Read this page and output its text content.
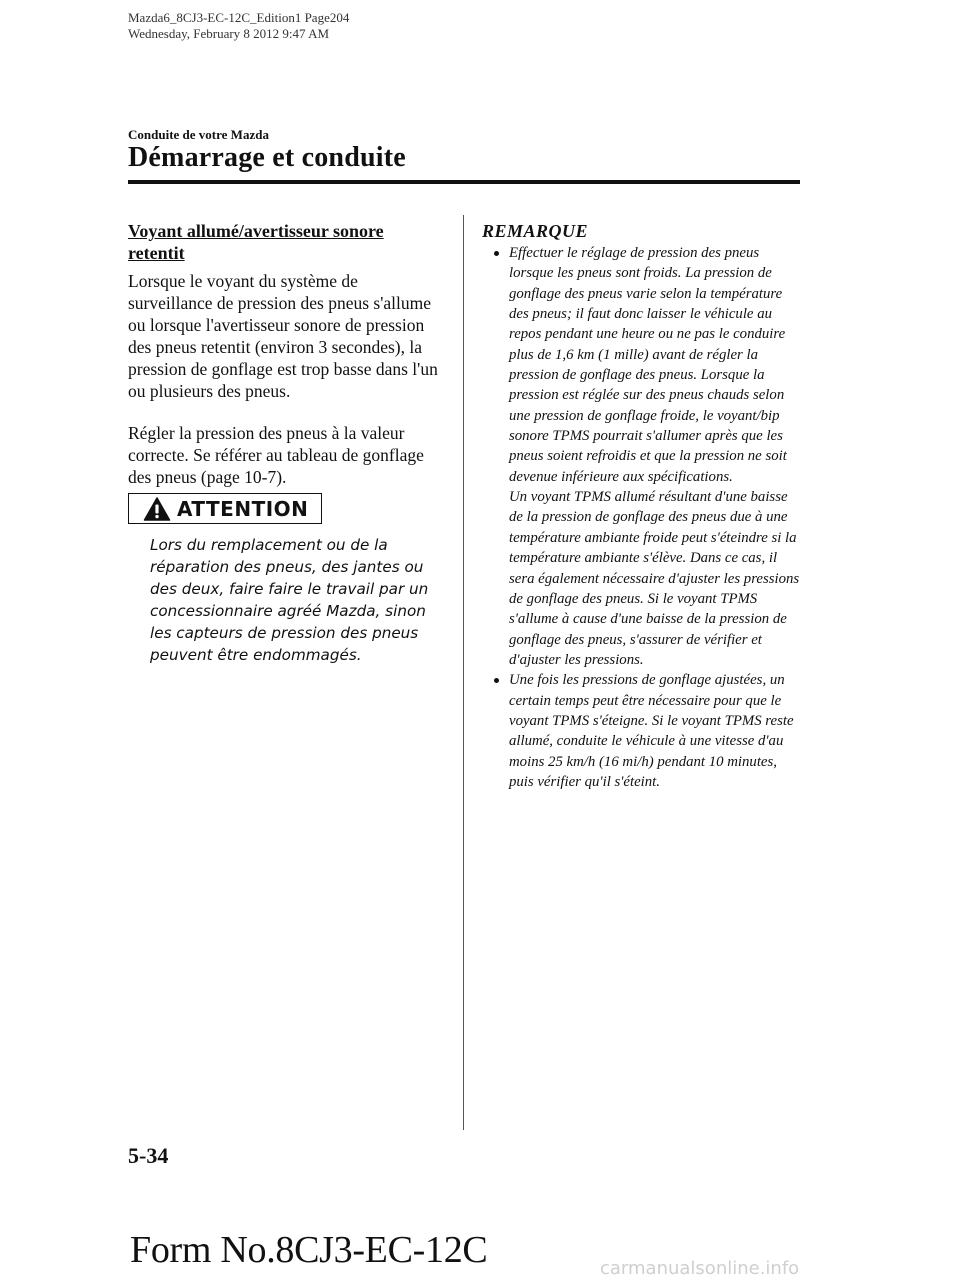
Mazda6_8CJ3-EC-12C_Edition1 Page204
Wednesday, February 8 2012 9:47 AM
Conduite de votre Mazda
Démarrage et conduite
Voyant allumé/avertisseur sonore retentit

Lorsque le voyant du système de surveillance de pression des pneus s'allume ou lorsque l'avertisseur sonore de pression des pneus retentit (environ 3 secondes), la pression de gonflage est trop basse dans l'un ou plusieurs des pneus.

Régler la pression des pneus à la valeur correcte. Se référer au tableau de gonflage des pneus (page 10-7).

ATTENTION
Lors du remplacement ou de la réparation des pneus, des jantes ou des deux, faire faire le travail par un concessionnaire agréé Mazda, sinon les capteurs de pression des pneus peuvent être endommagés.
REMARQUE
Effectuer le réglage de pression des pneus lorsque les pneus sont froids. La pression de gonflage des pneus varie selon la température des pneus; il faut donc laisser le véhicule au repos pendant une heure ou ne pas le conduire plus de 1,6 km (1 mille) avant de régler la pression de gonflage des pneus. Lorsque la pression est réglée sur des pneus chauds selon une pression de gonflage froide, le voyant/bip sonore TPMS pourrait s'allumer après que les pneus soient refroidis et que la pression ne soit devenue inférieure aux spécifications.
Un voyant TPMS allumé résultant d'une baisse de la pression de gonflage des pneus due à une température ambiante froide peut s'éteindre si la température ambiante s'élève. Dans ce cas, il sera également nécessaire d'ajuster les pressions de gonflage des pneus. Si le voyant TPMS s'allume à cause d'une baisse de la pression de gonflage des pneus, s'assurer de vérifier et d'ajuster les pressions.
Une fois les pressions de gonflage ajustées, un certain temps peut être nécessaire pour que le voyant TPMS s'éteigne. Si le voyant TPMS reste allumé, conduite le véhicule à une vitesse d'au moins 25 km/h (16 mi/h) pendant 10 minutes, puis vérifier qu'il s'éteint.
5-34
Form No.8CJ3-EC-12C	carmanualsonline.info
